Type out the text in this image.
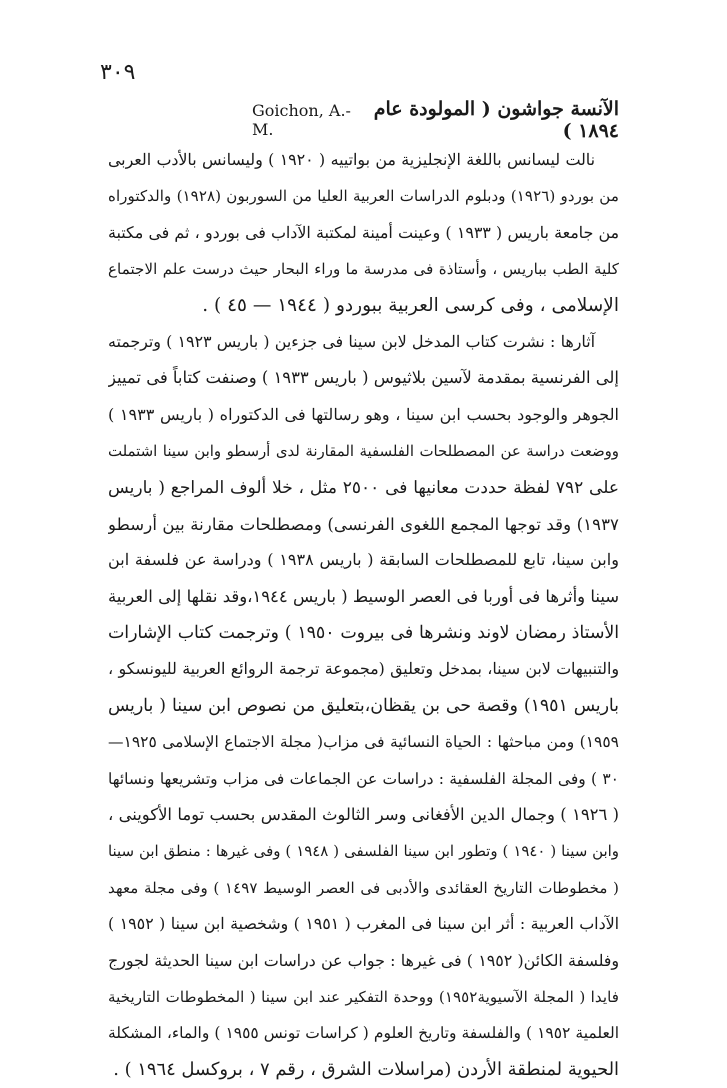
٣٠٩
Goichon, A.-M.
الآنسة جواشون ( المولودة عام ١٨٩٤ )

نالت ليسانس باللغة الإنجليزية من بواتييه ( ١٩٢٠ ) وليسانس بالأدب العربى
من بوردو (١٩٢٦) ودبلوم الدراسات العربية العليا من السوربون (١٩٢٨) والدكتوراه
من جامعة باريس ( ١٩٣٣ ) وعينت أمينة لمكتبة الآداب فى بوردو ، ثم فى مكتبة
كلية الطب بباريس ، وأستاذة فى مدرسة ما وراء البحار حيث درست علم الاجتماع
الإسلامى ، وفى كرسى العربية ببوردو ( ١٩٤٤ — ٤٥ ) .

آثارها : نشرت كتاب المدخل لابن سينا فى جزءين ( باريس ١٩٢٣ ) وترجمته
إلى الفرنسية بمقدمة لآسين بلاثيوس ( باريس ١٩٣٣ ) وصنفت كتاباً فى تمييز
الجوهر والوجود بحسب ابن سينا ، وهو رسالتها فى الدكتوراه ( باريس ١٩٣٣ )
ووضعت دراسة عن المصطلحات الفلسفية المقارنة لدى أرسطو وابن سينا اشتملت
على ٧٩٢ لفظة حددت معانيها فى ٢٥٠٠ مثل ، خلا ألوف المراجع ( باريس
١٩٣٧) وقد توجها المجمع اللغوى الفرنسى) ومصطلحات مقارنة بين أرسطو
وابن سينا، تابع للمصطلحات السابقة ( باريس ١٩٣٨ ) ودراسة عن فلسفة ابن
سينا وأثرها فى أوربا فى العصر الوسيط ( باريس ١٩٤٤،وقد نقلها إلى العربية
الأستاذ رمضان لاوند ونشرها فى بيروت ١٩٥٠ ) وترجمت كتاب الإشارات
والتنبيهات لابن سينا، بمدخل وتعليق (مجموعة ترجمة الروائع العربية لليونسكو ،
باريس ١٩٥١) وقصة حى بن يقظان،بتعليق من نصوص ابن سينا ( باريس
١٩٥٩) ومن مباحثها : الحياة النسائية فى مزاب( مجلة الاجتماع الإسلامى ١٩٢٥—
٣٠ ) وفى المجلة الفلسفية : دراسات عن الجماعات فى مزاب وتشريعها ونسائها
( ١٩٢٦ ) وجمال الدين الأفغانى وسر الثالوث المقدس بحسب توما الأكوينى ،
وابن سينا ( ١٩٤٠ ) وتطور ابن سينا الفلسفى ( ١٩٤٨ ) وفى غيرها : منطق ابن سينا
( مخطوطات التاريخ العقائدى والأدبى فى العصر الوسيط ١٤٩٧ ) وفى مجلة معهد
الآداب العربية : أثر ابن سينا فى المغرب ( ١٩٥١ ) وشخصية ابن سينا ( ١٩٥٢ )
وفلسفة الكائن( ١٩٥٢ ) فى غيرها : جواب عن دراسات ابن سينا الحديثة لجورج
فايدا ( المجلة الآسيوية١٩٥٢) ووحدة التفكير عند ابن سينا ( المخطوطات التاريخية
العلمية ١٩٥٢ ) والفلسفة وتاريخ العلوم ( كراسات تونس ١٩٥٥ ) والماء، المشكلة
الحيوية لمنطقة الأردن (مراسلات الشرق ، رقم ٧ ، بروكسل ١٩٦٤ ) .
